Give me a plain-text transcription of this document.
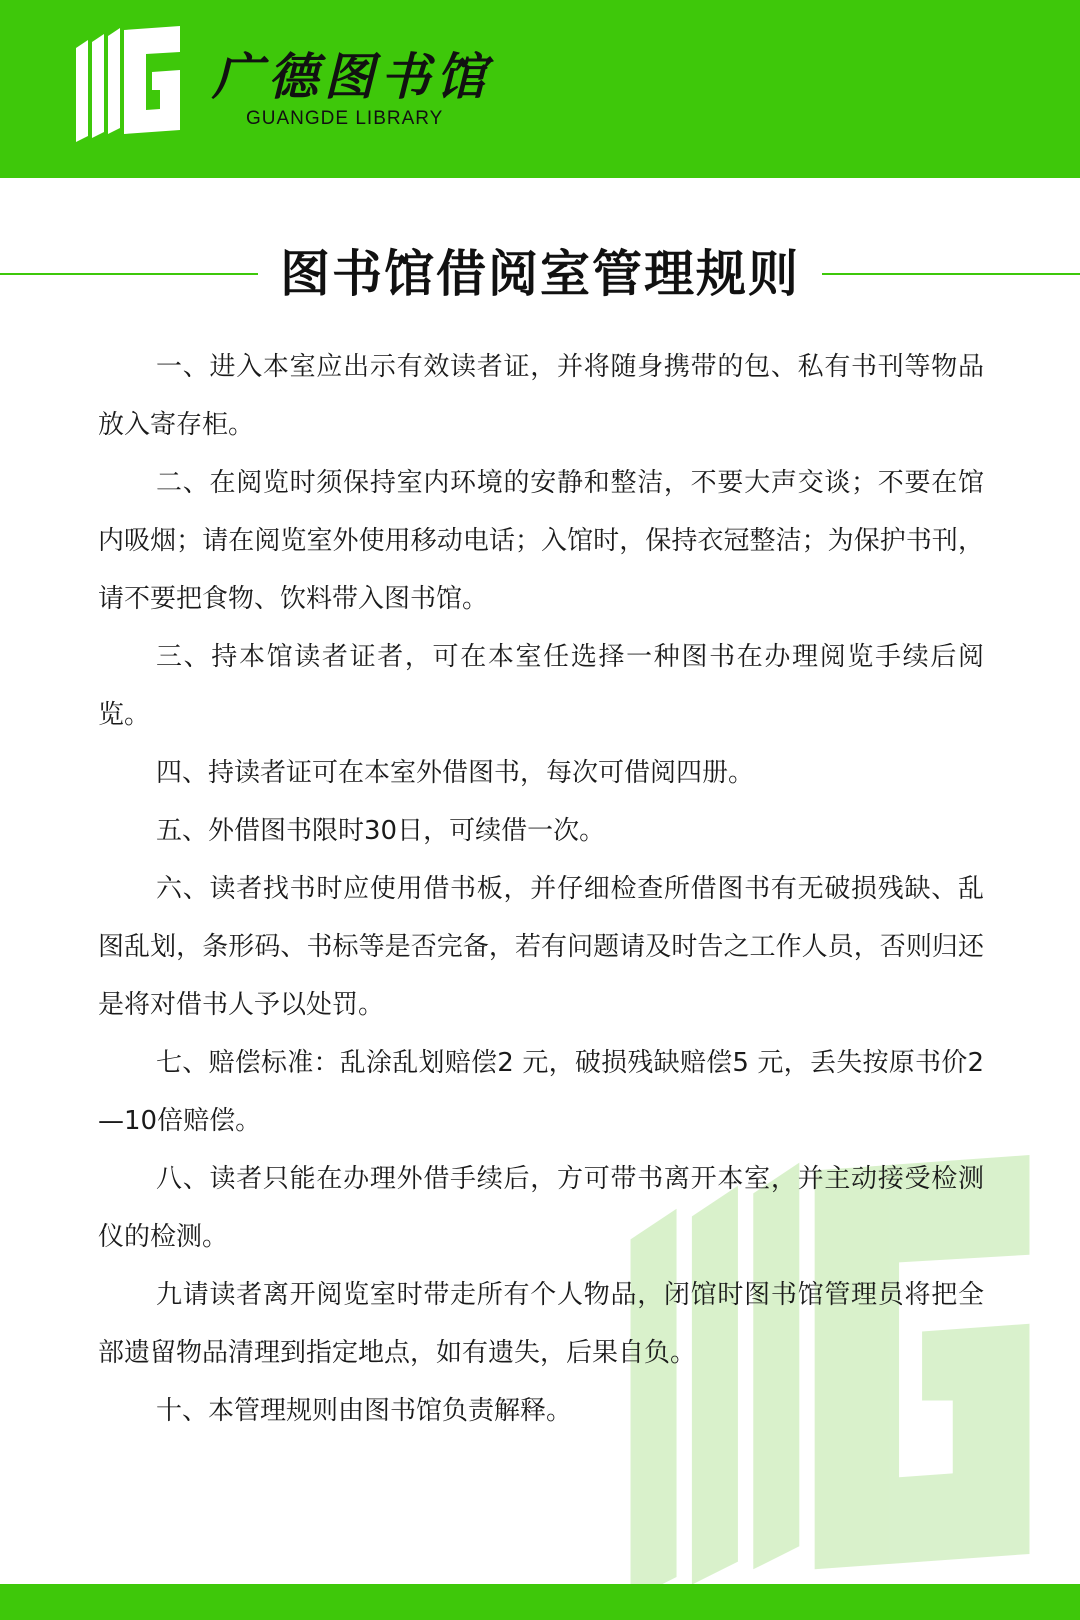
广德图书馆
GUANGDE LIBRARY
图书馆借阅室管理规则

一、进入本室应出示有效读者证，并将随身携带的包、私有书刊等物品放入寄存柜。

二、在阅览时须保持室内环境的安静和整洁，不要大声交谈；不要在馆内吸烟；请在阅览室外使用移动电话；入馆时，保持衣冠整洁；为保护书刊，请不要把食物、饮料带入图书馆。

三、持本馆读者证者，可在本室任选择一种图书在办理阅览手续后阅览。

四、持读者证可在本室外借图书，每次可借阅四册。

五、外借图书限时30日，可续借一次。

六、读者找书时应使用借书板，并仔细检查所借图书有无破损残缺、乱图乱划，条形码、书标等是否完备，若有问题请及时告之工作人员，否则归还是将对借书人予以处罚。

七、赔偿标准：乱涂乱划赔偿2 元，破损残缺赔偿5 元，丢失按原书价2—10倍赔偿。

八、读者只能在办理外借手续后，方可带书离开本室，并主动接受检测仪的检测。

九请读者离开阅览室时带走所有个人物品，闭馆时图书馆管理员将把全部遗留物品清理到指定地点，如有遗失，后果自负。

十、本管理规则由图书馆负责解释。
